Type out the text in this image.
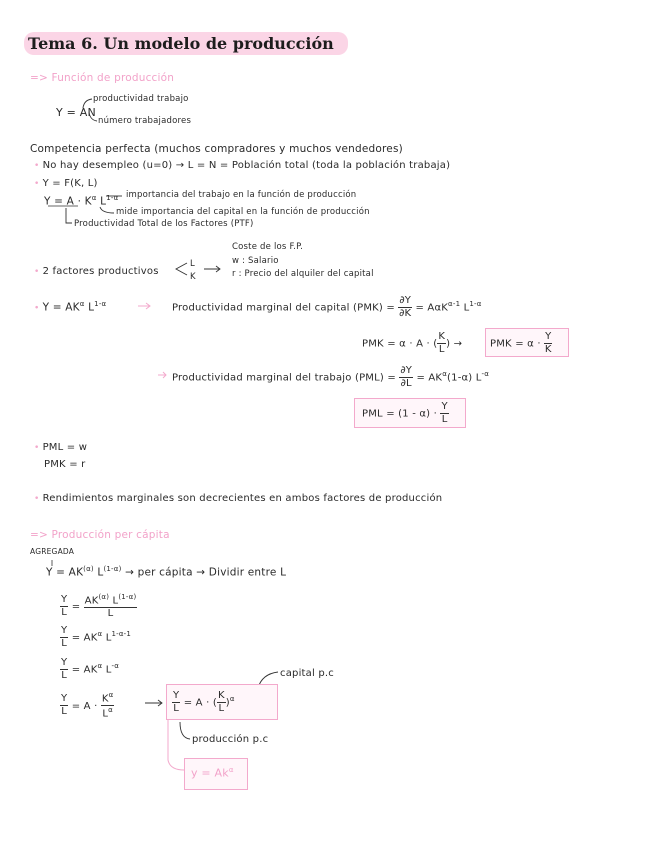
Tema 6. Un modelo de producción
=> Función de producción
Y = AN
productividad trabajo
número trabajadores
Competencia perfecta (muchos compradores y muchos vendedores)
• No hay desempleo (u=0) → L = N = Población total (toda la población trabaja)
• Y = F(K, L)
$Y = A \cdot K^\alpha$ $L^{1-\alpha}$ importancia del trabajo en la función de producción
mide importancia del capital en la función de producción
Productividad Total de los Factores (PTF)
Coste de los F.P.
w : Salario
r : Precio del alquiler del capital
• 2 factores productivos
L
K
• $Y = AK^\alpha$ $L^{1-\alpha}$	Productividad marginal del capital $(PMK) = \frac{\partial Y}{\partial K} = A\alpha K^{\alpha-1}$ $L^{1-\alpha}$
PMK = α · A · ( $\frac{K}{L}$ ) →	PMK = $\alpha \cdot \frac{Y}{K}$
Productividad marginal del trabajo $(PML) = \frac{\partial Y}{\partial L} = AK^\alpha(1-\alpha)$ $L^{-\alpha}$
PML = $(1 - \alpha) \cdot \frac{Y}{L}$
• PML = w
PMK = r
• Rendimientos marginales son decrecientes en ambos factores de producción
=> Producción per cápita
AGREGADA
$Y = AK^{(\alpha)}$ $L^{(1-\alpha)}$ → per cápita → Dividir entre L
$\frac{Y}{L} = \frac{AK^{(\alpha)} L^{(1-\alpha)}}{L}$
$\frac{Y}{L} = AK^\alpha$ $L^{1-\alpha-1}$
$\frac{Y}{L} = AK^\alpha$ $L^{-\alpha}$
$\frac{Y}{L} = A \cdot \frac{K^\alpha}{L^\alpha}$	$\frac{Y}{L} = A$ · ( $\frac{K}{L} )^\alpha$
capital p.c
producción p.c
$y = Ak^\alpha$
